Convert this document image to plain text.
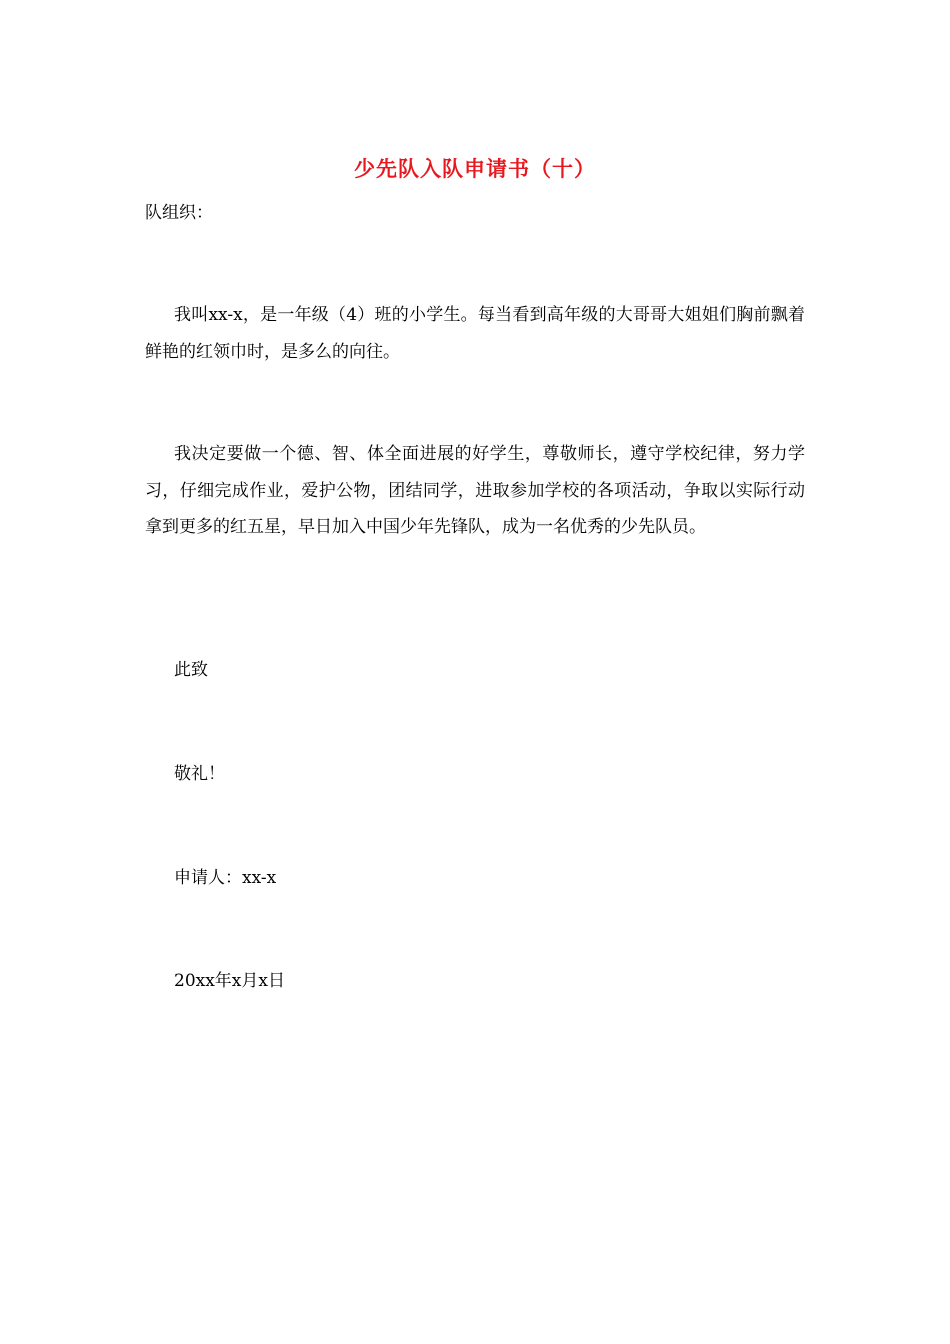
少先队入队申请书（十）
队组织：
我叫xx-x，是一年级（4）班的小学生。每当看到高年级的大哥哥大姐姐们胸前飘着鲜艳的红领巾时，是多么的向往。
我决定要做一个德、智、体全面进展的好学生，尊敬师长，遵守学校纪律，努力学习，仔细完成作业，爱护公物，团结同学，进取参加学校的各项活动，争取以实际行动拿到更多的红五星，早日加入中国少年先锋队，成为一名优秀的少先队员。
此致
敬礼！
申请人：xx-x
20xx年x月x日
